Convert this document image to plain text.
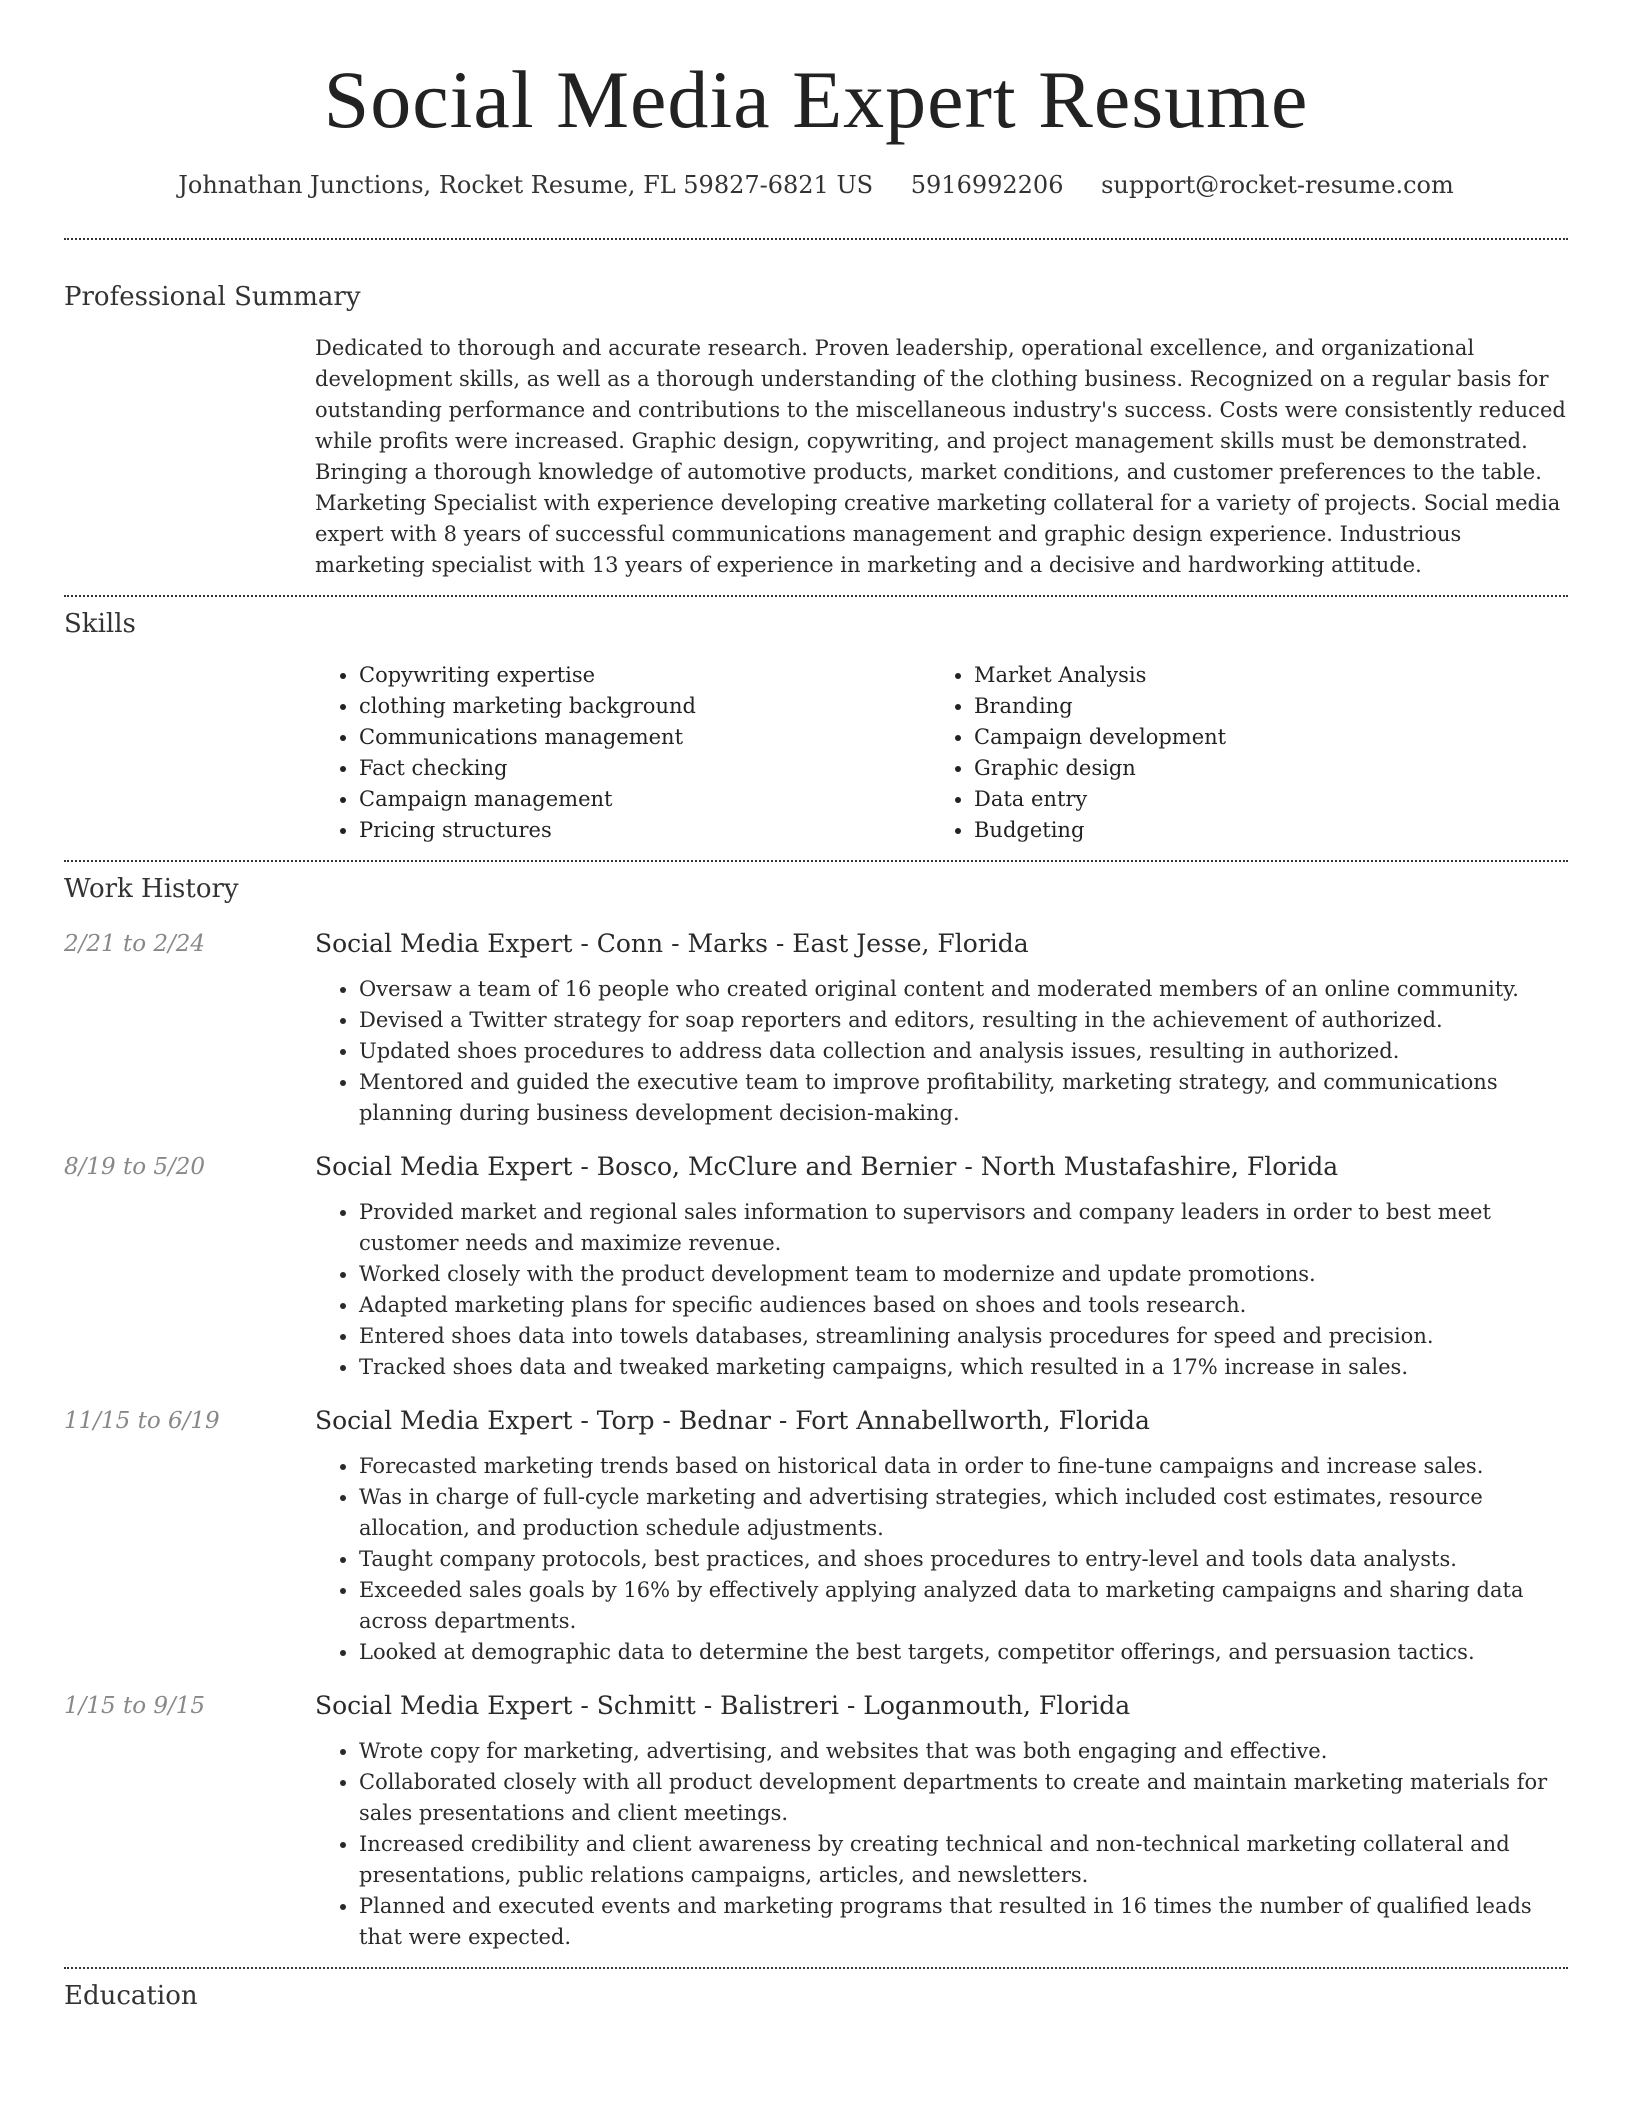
Social Media Expert Resume
Johnathan Junctions, Rocket Resume, FL 59827-6821 US 5916992206 support@rocket-resume.com
Professional Summary
Dedicated to thorough and accurate research. Proven leadership, operational excellence, and organizational development skills, as well as a thorough understanding of the clothing business. Recognized on a regular basis for outstanding performance and contributions to the miscellaneous industry's success. Costs were consistently reduced while profits were increased. Graphic design, copywriting, and project management skills must be demonstrated. Bringing a thorough knowledge of automotive products, market conditions, and customer preferences to the table. Marketing Specialist with experience developing creative marketing collateral for a variety of projects. Social media expert with 8 years of successful communications management and graphic design experience. Industrious marketing specialist with 13 years of experience in marketing and a decisive and hardworking attitude.
Skills
• Copywriting expertise
• clothing marketing background
• Communications management
• Fact checking
• Campaign management
• Pricing structures
• Market Analysis
• Branding
• Campaign development
• Graphic design
• Data entry
• Budgeting
Work History
2/21 to 2/24	Social Media Expert - Conn - Marks - East Jesse, Florida
• Oversaw a team of 16 people who created original content and moderated members of an online community.
• Devised a Twitter strategy for soap reporters and editors, resulting in the achievement of authorized.
• Updated shoes procedures to address data collection and analysis issues, resulting in authorized.
• Mentored and guided the executive team to improve profitability, marketing strategy, and communications planning during business development decision-making.
8/19 to 5/20	Social Media Expert - Bosco, McClure and Bernier - North Mustafashire, Florida
• Provided market and regional sales information to supervisors and company leaders in order to best meet customer needs and maximize revenue.
• Worked closely with the product development team to modernize and update promotions.
• Adapted marketing plans for specific audiences based on shoes and tools research.
• Entered shoes data into towels databases, streamlining analysis procedures for speed and precision.
• Tracked shoes data and tweaked marketing campaigns, which resulted in a 17% increase in sales.
11/15 to 6/19	Social Media Expert - Torp - Bednar - Fort Annabellworth, Florida
• Forecasted marketing trends based on historical data in order to fine-tune campaigns and increase sales.
• Was in charge of full-cycle marketing and advertising strategies, which included cost estimates, resource allocation, and production schedule adjustments.
• Taught company protocols, best practices, and shoes procedures to entry-level and tools data analysts.
• Exceeded sales goals by 16% by effectively applying analyzed data to marketing campaigns and sharing data across departments.
• Looked at demographic data to determine the best targets, competitor offerings, and persuasion tactics.
1/15 to 9/15	Social Media Expert - Schmitt - Balistreri - Loganmouth, Florida
• Wrote copy for marketing, advertising, and websites that was both engaging and effective.
• Collaborated closely with all product development departments to create and maintain marketing materials for sales presentations and client meetings.
• Increased credibility and client awareness by creating technical and non-technical marketing collateral and presentations, public relations campaigns, articles, and newsletters.
• Planned and executed events and marketing programs that resulted in 16 times the number of qualified leads that were expected.
Education
